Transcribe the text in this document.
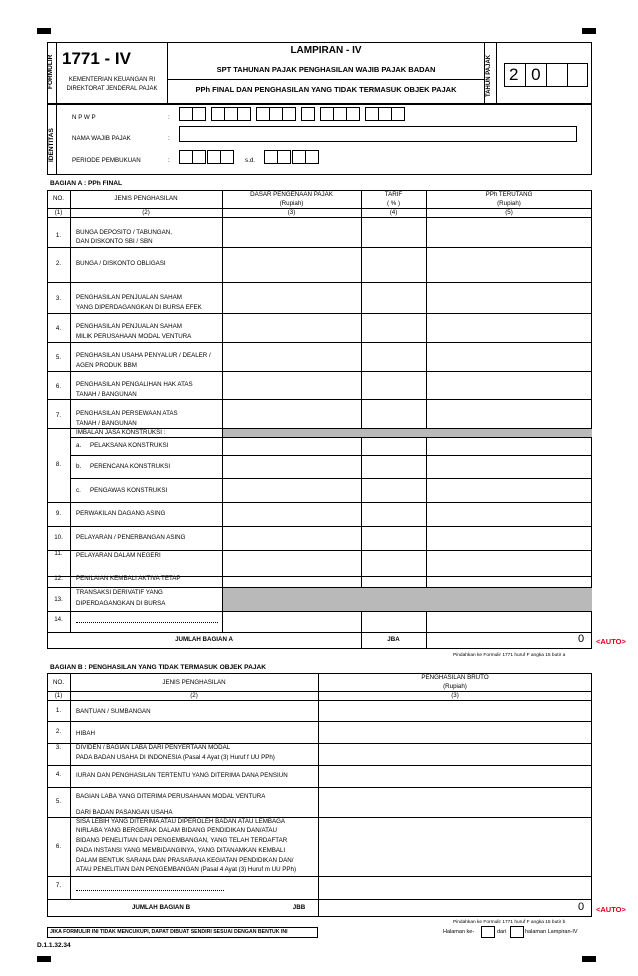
FORMULIR 1771 - IV
KEMENTERIAN KEUANGAN RI
DIREKTORAT JENDERAL PAJAK
LAMPIRAN - IV
SPT TAHUNAN PAJAK PENGHASILAN WAJIB PAJAK BADAN
PPh FINAL DAN PENGHASILAN YANG TIDAK TERMASUK OBJEK PAJAK	TAHUN PAJAK 2 0
IDENTITAS
N P W P	:
NAMA WAJIB PAJAK	:
PERIODE PEMBUKUAN	:	s.d.
BAGIAN A : PPh FINAL
NO.	JENIS PENGHASILAN
DASAR PENGENAAN PAJAK
(Rupiah)
TARIF
( % )
PPh TERUTANG
(Rupiah)
(1)	(2)	(3)	(4)	(5)
1.	BUNGA DEPOSITO / TABUNGAN,
DAN DISKONTO SBI / SBN
2.	BUNGA / DISKONTO OBLIGASI
3.	PENGHASILAN PENJUALAN SAHAM
YANG DIPERDAGANGKAN DI BURSA EFEK
4.	PENGHASILAN PENJUALAN SAHAM
MILIK PERUSAHAAN MODAL VENTURA
5.	PENGHASILAN USAHA PENYALUR / DEALER /
AGEN PRODUK BBM
6.	PENGHASILAN PENGALIHAN HAK ATAS
TANAH / BANGUNAN
7.	PENGHASILAN PERSEWAAN ATAS
TANAH / BANGUNAN
8.
IMBALAN JASA KONSTRUKSI :
a. PELAKSANA KONSTRUKSI
b. PERENCANA KONSTRUKSI
c. PENGAWAS KONSTRUKSI
9.	PERWAKILAN DAGANG ASING
10.	PELAYARAN / PENERBANGAN ASING
11.	PELAYARAN DALAM NEGERI
12.	PENILAIAN KEMBALI AKTIVA TETAP
13.
TRANSAKSI DERIVATIF YANG
DIPERDAGANGKAN DI BURSA
14.
JUMLAH BAGIAN A	JBA	0 <AUTO>
Pindahkan ke Formulir 1771 huruf F angka 15 butir a
BAGIAN B : PENGHASILAN YANG TIDAK TERMASUK OBJEK PAJAK
NO.	JENIS PENGHASILAN
PENGHASILAN BRUTO
(Rupiah)
(1)	(2)	(3)
1.	BANTUAN / SUMBANGAN
2.	HIBAH
3.	DIVIDEN / BAGIAN LABA DARI PENYERTAAN MODAL
PADA BADAN USAHA DI INDONESIA (Pasal 4 Ayat (3) Huruf f UU PPh)
4.	IURAN DAN PENGHASILAN TERTENTU YANG DITERIMA DANA PENSIUN
5.
BAGIAN LABA YANG DITERIMA PERUSAHAAN MODAL VENTURA
DARI BADAN PASANGAN USAHA
6.
SISA LEBIH YANG DITERIMA ATAU DIPEROLEH BADAN ATAU LEMBAGA
NIRLABA YANG BERGERAK DALAM BIDANG PENDIDIKAN DAN/ATAU
BIDANG PENELITIAN DAN PENGEMBANGAN, YANG TELAH TERDAFTAR
PADA INSTANSI YANG MEMBIDANGINYA, YANG DITANAMKAN KEMBALI
DALAM BENTUK SARANA DAN PRASARANA KEGIATAN PENDIDIKAN DAN/
ATAU PENELITIAN DAN PENGEMBANGAN (Pasal 4 Ayat (3) Huruf m UU PPh)
7.
JUMLAH BAGIAN B	JBB	0 <AUTO>
Pindahkan ke Formulir 1771 huruf F angka 15 butir b
JIKA FORMULIR INI TIDAK MENCUKUPI, DAPAT DIBUAT SENDIRI SESUAI DENGAN BENTUK INI	Halaman ke-	dari	halaman Lampiran-IV
D.1.1.32.34
